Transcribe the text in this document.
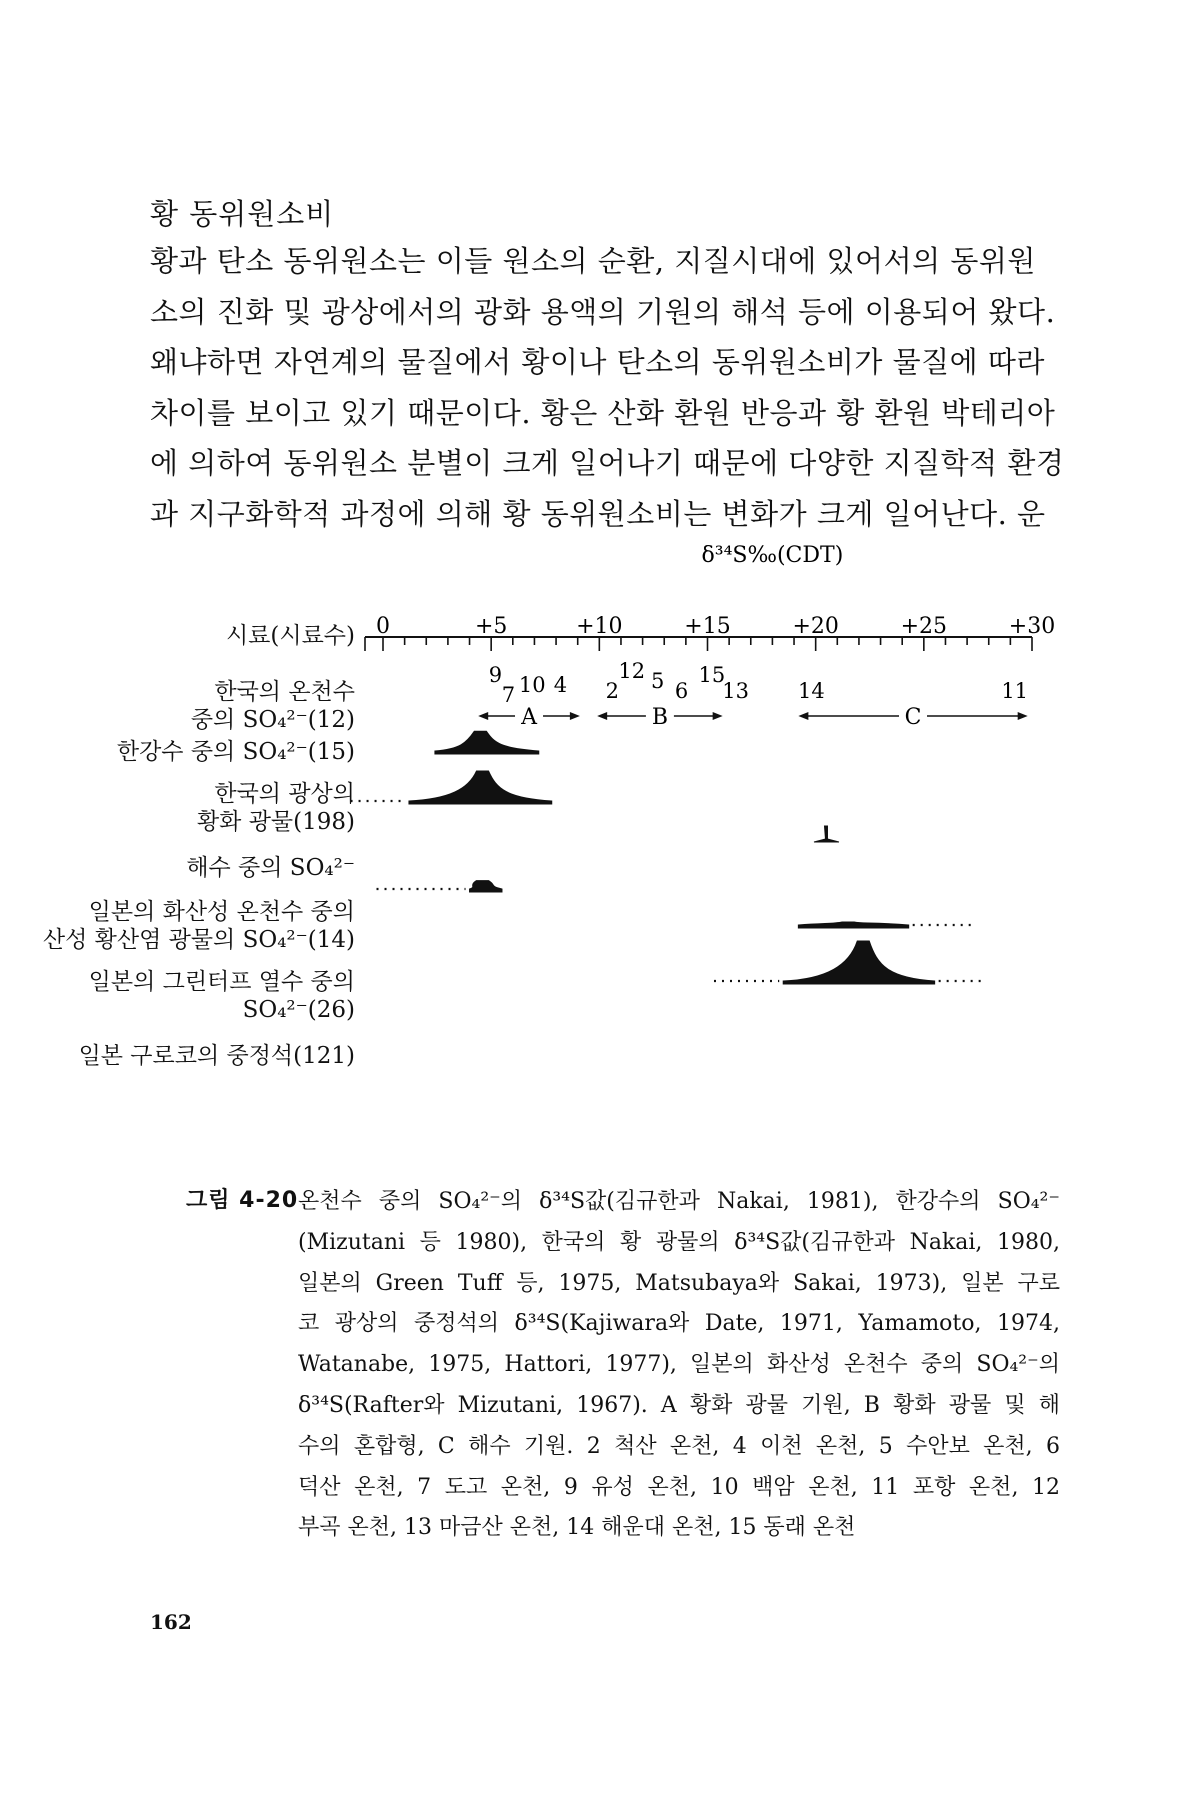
황 동위원소비
황과 탄소 동위원소는 이들 원소의 순환, 지질시대에 있어서의 동위원
소의 진화 및 광상에서의 광화 용액의 기원의 해석 등에 이용되어 왔다.
왜냐하면 자연계의 물질에서 황이나 탄소의 동위원소비가 물질에 따라
차이를 보이고 있기 때문이다. 황은 산화 환원 반응과 황 환원 박테리아
에 의하여 동위원소 분별이 크게 일어나기 때문에 다양한 지질학적 환경
과 지구화학적 과정에 의해 황 동위원소비는 변화가 크게 일어난다. 운
시료(시료수)
한국의 온천수
중의 SO₄²⁻(12)
한강수 중의 SO₄²⁻(15)
한국의 광상의
황화 광물(198)
해수 중의 SO₄²⁻
일본의 화산성 온천수 중의
산성 황산염 광물의 SO₄²⁻(14)
일본의 그린터프 열수 중의
SO₄²⁻(26)
일본 구로코의 중정석(121)
δ³⁴S‰(CDT)
0	+5	+10	+15	+20	+25	+30
9
7 10 4 2
12 5 6
15
13 14	11
A	B	C
그림 4-20 온천수 중의 SO₄²⁻의 δ³⁴S값(김규한과 Nakai, 1981), 한강수의 SO₄²⁻
(Mizutani 등 1980), 한국의 황 광물의 δ³⁴S값(김규한과 Nakai, 1980,
일본의 Green Tuff 등, 1975, Matsubaya와 Sakai, 1973), 일본 구로
코 광상의 중정석의 δ³⁴S(Kajiwara와 Date, 1971, Yamamoto, 1974,
Watanabe, 1975, Hattori, 1977), 일본의 화산성 온천수 중의 SO₄²⁻의
δ³⁴S(Rafter와 Mizutani, 1967). A 황화 광물 기원, B 황화 광물 및 해
수의 혼합형, C 해수 기원. 2 척산 온천, 4 이천 온천, 5 수안보 온천, 6
덕산 온천, 7 도고 온천, 9 유성 온천, 10 백암 온천, 11 포항 온천, 12
부곡 온천, 13 마금산 온천, 14 해운대 온천, 15 동래 온천
162
